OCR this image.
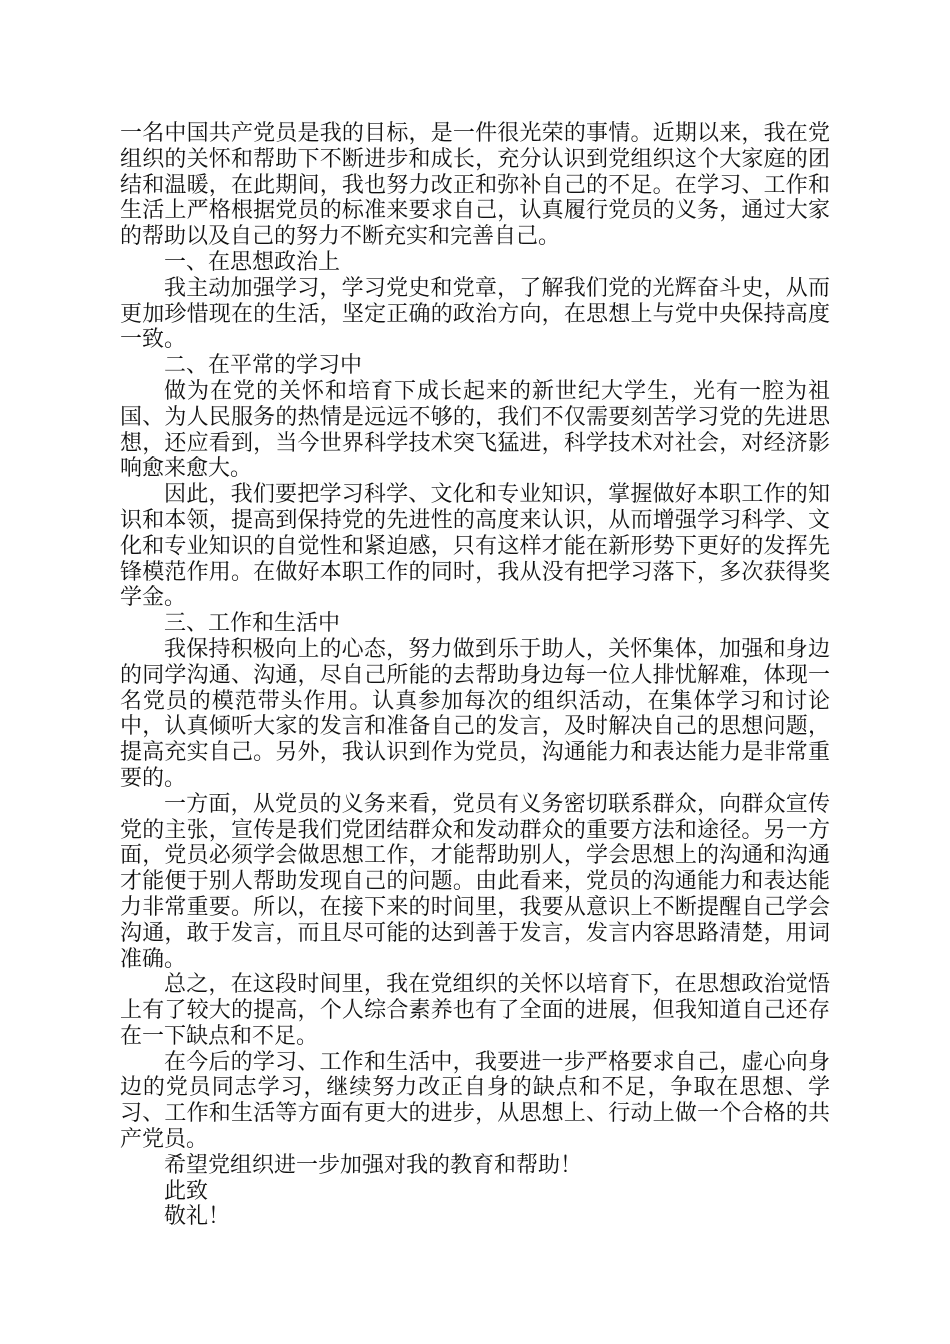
一名中国共产党员是我的目标，是一件很光荣的事情。近期以来，我在党组织的关怀和帮助下不断进步和成长，充分认识到党组织这个大家庭的团结和温暖，在此期间，我也努力改正和弥补自己的不足。在学习、工作和生活上严格根据党员的标准来要求自己，认真履行党员的义务，通过大家的帮助以及自己的努力不断充实和完善自己。

一、在思想政治上

我主动加强学习，学习党史和党章，了解我们党的光辉奋斗史，从而更加珍惜现在的生活，坚定正确的政治方向，在思想上与党中央保持高度一致。

二、在平常的学习中

做为在党的关怀和培育下成长起来的新世纪大学生，光有一腔为祖国、为人民服务的热情是远远不够的，我们不仅需要刻苦学习党的先进思想，还应看到，当今世界科学技术突飞猛进，科学技术对社会，对经济影响愈来愈大。

因此，我们要把学习科学、文化和专业知识，掌握做好本职工作的知识和本领，提高到保持党的先进性的高度来认识，从而增强学习科学、文化和专业知识的自觉性和紧迫感，只有这样才能在新形势下更好的发挥先锋模范作用。在做好本职工作的同时，我从没有把学习落下，多次获得奖学金。

三、工作和生活中

我保持积极向上的心态，努力做到乐于助人，关怀集体，加强和身边的同学沟通、沟通，尽自己所能的去帮助身边每一位人排忧解难，体现一名党员的模范带头作用。认真参加每次的组织活动，在集体学习和讨论中，认真倾听大家的发言和准备自己的发言，及时解决自己的思想问题，提高充实自己。另外，我认识到作为党员，沟通能力和表达能力是非常重要的。

一方面，从党员的义务来看，党员有义务密切联系群众，向群众宣传党的主张，宣传是我们党团结群众和发动群众的重要方法和途径。另一方面，党员必须学会做思想工作，才能帮助别人，学会思想上的沟通和沟通才能便于别人帮助发现自己的问题。由此看来，党员的沟通能力和表达能力非常重要。所以，在接下来的时间里，我要从意识上不断提醒自己学会沟通，敢于发言，而且尽可能的达到善于发言，发言内容思路清楚，用词准确。

总之，在这段时间里，我在党组织的关怀以培育下，在思想政治觉悟上有了较大的提高，个人综合素养也有了全面的进展，但我知道自己还存在一下缺点和不足。

在今后的学习、工作和生活中，我要进一步严格要求自己，虚心向身边的党员同志学习，继续努力改正自身的缺点和不足，争取在思想、学习、工作和生活等方面有更大的进步，从思想上、行动上做一个合格的共产党员。

希望党组织进一步加强对我的教育和帮助！

此致

敬礼！
